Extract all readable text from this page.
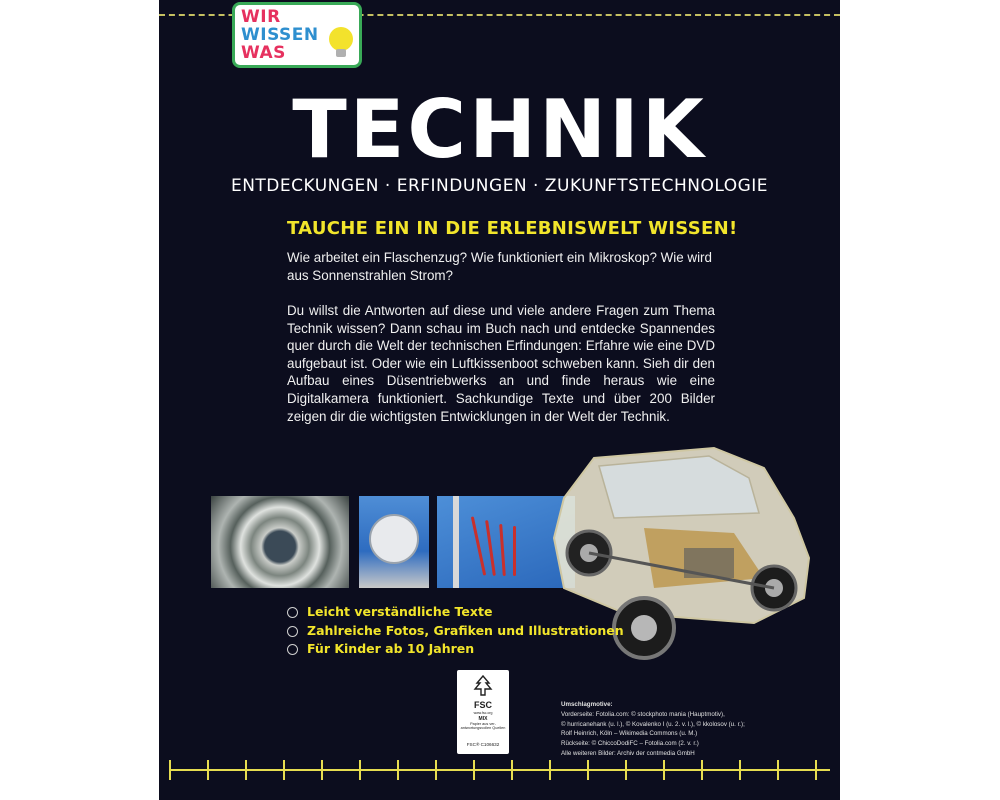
WIR
WISSEN
WAS
TECHNIK
ENTDECKUNGEN · ERFINDUNGEN · ZUKUNFTSTECHNOLOGIE
TAUCHE EIN IN DIE ERLEBNISWELT WISSEN!

Wie arbeitet ein Flaschenzug? Wie funktioniert ein Mikroskop? Wie wird aus Sonnenstrahlen Strom?

Du willst die Antworten auf diese und viele andere Fragen zum Thema Technik wissen? Dann schau im Buch nach und entdecke Spannendes quer durch die Welt der technischen Erfindungen: Erfahre wie eine DVD aufgebaut ist. Oder wie ein Luftkissenboot schweben kann. Sieh dir den Aufbau eines Düsentriebwerks an und finde heraus wie eine Digitalkamera funktioniert. Sachkundige Texte und über 200 Bilder zeigen dir die wichtigsten Entwicklungen in der Welt der Technik.

Leicht verständliche Texte
Zahlreiche Fotos, Grafiken und Illustrationen
Für Kinder ab 10 Jahren
FSC
www.fsc.org
MIX
Papier aus ver-antwortungsvollen Quellen
FSC® C106632
Umschlagmotive:
Vorderseite: Fotolia.com: © stockphoto mania (Hauptmotiv),
© hurricanehank (u. l.), © Kovalenko I (u. 2. v. l.), © kkolosov (u. r.);
Rolf Heinrich, Köln – Wikimedia Commons (u. M.)
Rückseite: © ChiccoDodiFC – Fotolia.com (2. v. r.)
Alle weiteren Bilder: Archiv der contmedia GmbH
